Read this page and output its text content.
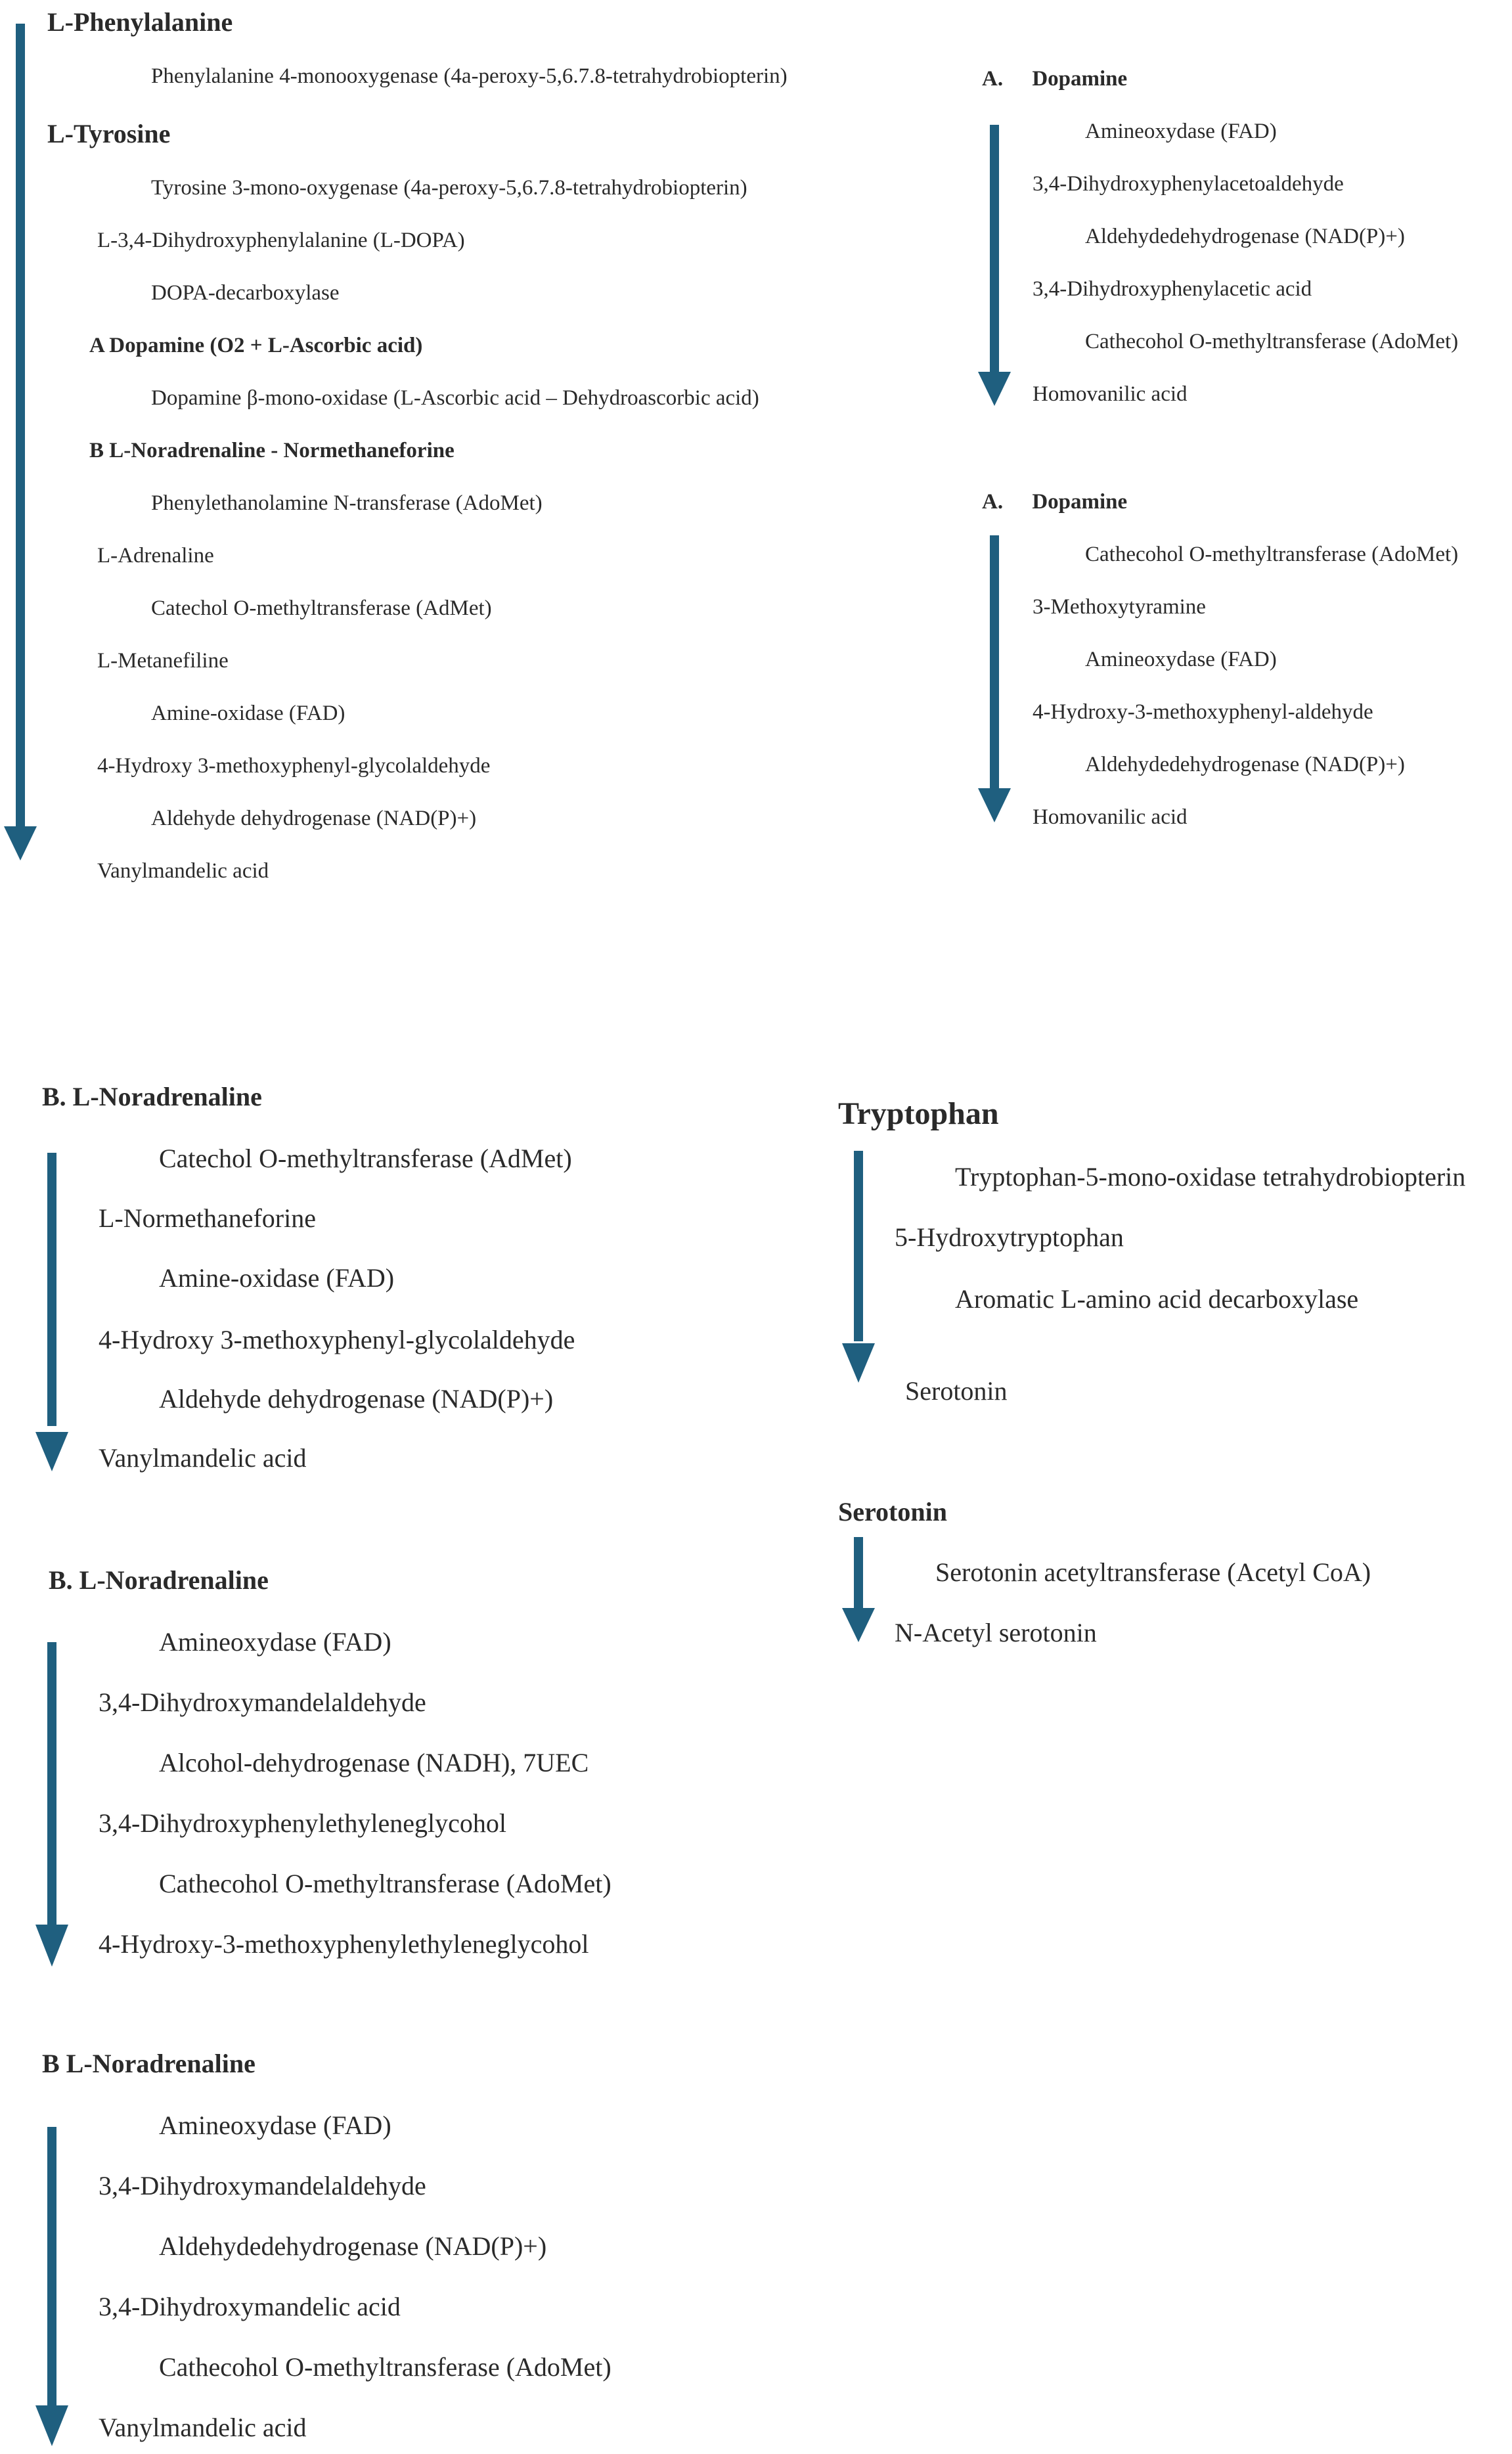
L-Phenylalanine
Phenylalanine 4-monooxygenase (4a-peroxy-5,6.7.8-tetrahydrobiopterin)
L-Tyrosine
Tyrosine 3-mono-oxygenase (4a-peroxy-5,6.7.8-tetrahydrobiopterin)
L-3,4-Dihydroxyphenylalanine (L-DOPA)
DOPA-decarboxylase
A Dopamine (O2 + L-Ascorbic acid)
Dopamine β-mono-oxidase (L-Ascorbic acid – Dehydroascorbic acid)
B L-Noradrenaline - Normethaneforine
Phenylethanolamine N-transferase (AdoMet)
L-Adrenaline
Catechol O-methyltransferase (AdMet)
L-Metanefiline
Amine-oxidase (FAD)
4-Hydroxy 3-methoxyphenyl-glycolaldehyde
Aldehyde dehydrogenase (NAD(P)+)
Vanylmandelic acid
A. Dopamine
Amineoxydase (FAD)
3,4-Dihydroxyphenylacetoaldehyde
Aldehydedehydrogenase (NAD(P)+)
3,4-Dihydroxyphenylacetic acid
Cathecohol O-methyltransferase (AdoMet)
Homovanilic acid
A. Dopamine
Cathecohol O-methyltransferase (AdoMet)
3-Methoxytyramine
Amineoxydase (FAD)
4-Hydroxy-3-methoxyphenyl-aldehyde
Aldehydedehydrogenase (NAD(P)+)
Homovanilic acid
B. L-Noradrenaline
Catechol O-methyltransferase (AdMet)
L-Normethaneforine
Amine-oxidase (FAD)
4-Hydroxy 3-methoxyphenyl-glycolaldehyde
Aldehyde dehydrogenase (NAD(P)+)
Vanylmandelic acid
Tryptophan
Tryptophan-5-mono-oxidase tetrahydrobiopterin
5-Hydroxytryptophan
Aromatic L-amino acid decarboxylase
Serotonin
Serotonin
Serotonin acetyltransferase (Acetyl CoA)
N-Acetyl serotonin
B. L-Noradrenaline
Amineoxydase (FAD)
3,4-Dihydroxymandelaldehyde
Alcohol-dehydrogenase (NADH), 7UEC
3,4-Dihydroxyphenylethyleneglycohol
Cathecohol O-methyltransferase (AdoMet)
4-Hydroxy-3-methoxyphenylethyleneglycohol
B L-Noradrenaline
Amineoxydase (FAD)
3,4-Dihydroxymandelaldehyde
Aldehydedehydrogenase (NAD(P)+)
3,4-Dihydroxymandelic acid
Cathecohol O-methyltransferase (AdoMet)
Vanylmandelic acid
